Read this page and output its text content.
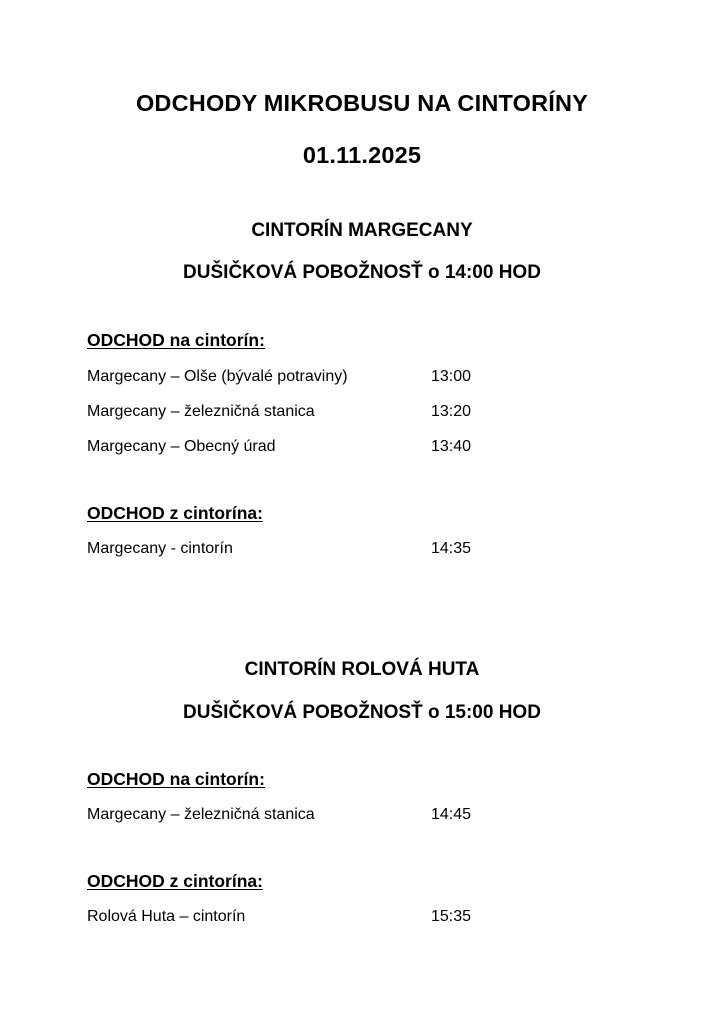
ODCHODY MIKROBUSU NA CINTORÍNY
01.11.2025
CINTORÍN MARGECANY
DUŠIČKOVÁ POBOŽNOSŤ o 14:00 HOD
ODCHOD na cintorín:
Margecany – Olše (bývalé potraviny)	13:00
Margecany – železničná stanica	13:20
Margecany – Obecný úrad	13:40
ODCHOD z cintorína:
Margecany - cintorín	14:35
CINTORÍN ROLOVÁ HUTA
DUŠIČKOVÁ POBOŽNOSŤ o 15:00 HOD
ODCHOD na cintorín:
Margecany – železničná stanica	14:45
ODCHOD z cintorína:
Rolová Huta – cintorín	15:35
